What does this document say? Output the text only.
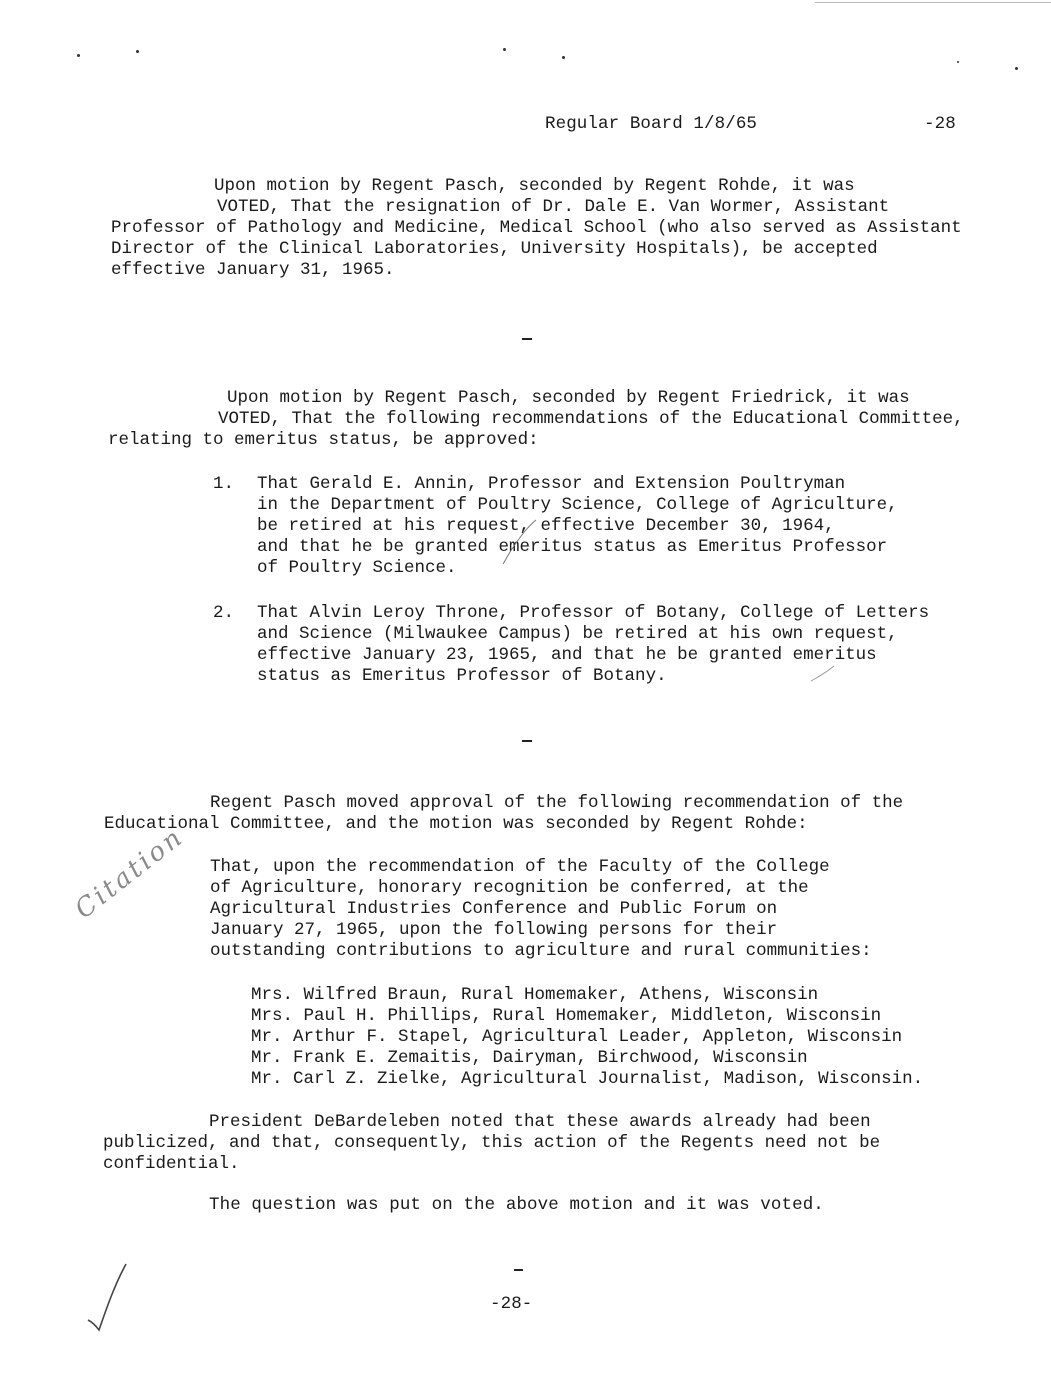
Regular Board 1/8/65	-28
Upon motion by Regent Pasch, seconded by Regent Rohde, it was
VOTED, That the resignation of Dr. Dale E. Van Wormer, Assistant
Professor of Pathology and Medicine, Medical School (who also served as Assistant
Director of the Clinical Laboratories, University Hospitals), be accepted
effective January 31, 1965.
Upon motion by Regent Pasch, seconded by Regent Friedrick, it was
VOTED, That the following recommendations of the Educational Committee,
relating to emeritus status, be approved:
1. That Gerald E. Annin, Professor and Extension Poultryman
in the Department of Poultry Science, College of Agriculture,
be retired at his request, effective December 30, 1964,
and that he be granted emeritus status as Emeritus Professor
of Poultry Science.
2. That Alvin Leroy Throne, Professor of Botany, College of Letters
and Science (Milwaukee Campus) be retired at his own request,
effective January 23, 1965, and that he be granted emeritus
status as Emeritus Professor of Botany.
Regent Pasch moved approval of the following recommendation of the
Educational Committee, and the motion was seconded by Regent Rohde:
That, upon the recommendation of the Faculty of the College
of Agriculture, honorary recognition be conferred, at the
Agricultural Industries Conference and Public Forum on
January 27, 1965, upon the following persons for their
outstanding contributions to agriculture and rural communities:
Citation
Mrs. Wilfred Braun, Rural Homemaker, Athens, Wisconsin
Mrs. Paul H. Phillips, Rural Homemaker, Middleton, Wisconsin
Mr. Arthur F. Stapel, Agricultural Leader, Appleton, Wisconsin
Mr. Frank E. Zemaitis, Dairyman, Birchwood, Wisconsin
Mr. Carl Z. Zielke, Agricultural Journalist, Madison, Wisconsin.
President DeBardeleben noted that these awards already had been
publicized, and that, consequently, this action of the Regents need not be
confidential.
The question was put on the above motion and it was voted.
-28-
